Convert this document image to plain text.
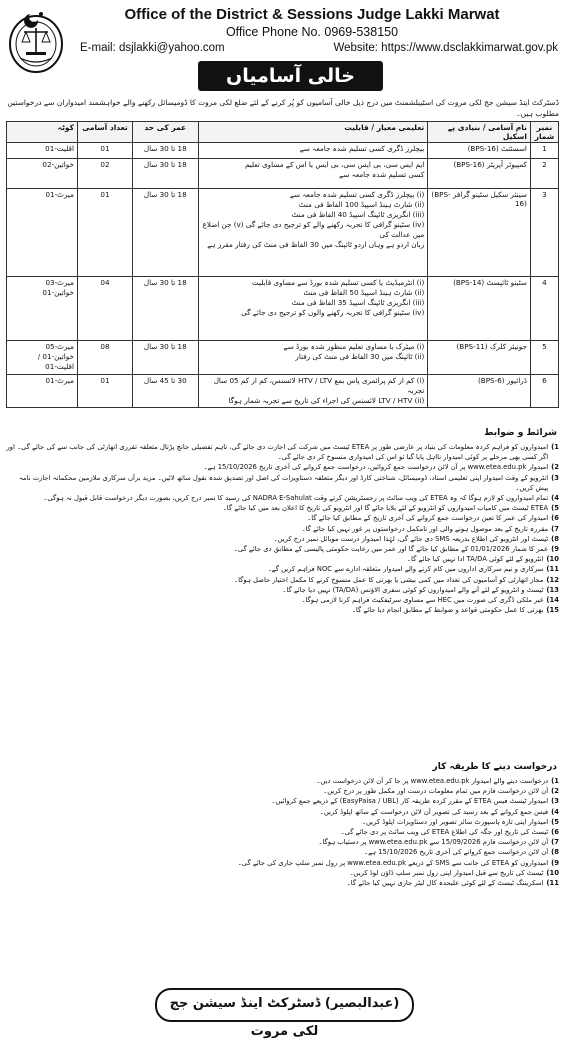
Office of the District & Sessions Judge Lakki Marwat
Office Phone No. 0969-538150
E-mail: dsjlakki@yahoo.com	Website: https://www.dsclakkimarwat.gov.pk
خالی آسامیاں
ڈسٹرکٹ اینڈ سیشن جج لکی مروت کی اسٹیبلشمنٹ میں درج ذیل خالی آسامیوں کو پُر کرنے کے لئے ضلع لکی مروت کا ڈومیسائل رکھنے والے خواہشمند امیدواران سے درخواستیں مطلوب ہیں۔
نمبر شمار	نام آسامی / بنیادی پے اسکیل	تعلیمی معیار / قابلیت	عمر کی حد	تعداد آسامی	کوٹہ
1	اسسٹنٹ (BPS-16)	بیچلرز ڈگری کسی تسلیم شدہ جامعہ سے	18 تا 30 سال	01	اقلیت-01

2	کمپیوٹر آپریٹر (BPS-16)	ایم ایس سی، بی ایس سی، بی ایس یا اس کے مساوی تعلیم
کسی تسلیم شدہ جامعہ سے	18 تا 30 سال	02	خواتین-02

3	سینئر سکیل سٹینو گرافر (BPS-16)	(i) بیچلرز ڈگری کسی تسلیم شدہ جامعہ سے
(ii) شارٹ ہینڈ اسپیڈ 100 الفاظ فی منٹ
(iii) انگریزی ٹائپنگ اسپیڈ 40 الفاظ فی منٹ
(iv) سٹینو گرافی کا تجربہ رکھنے والے کو ترجیح دی جائے گی (v) جن اضلاع میں عدالت کی
زبان اردو ہے وہاں اردو ٹائپنگ میں 30 الفاظ فی منٹ کی رفتار مقرر ہے	18 تا 30 سال	01	میرٹ-01

4	سٹینو ٹائپسٹ (BPS-14)	(i) انٹرمیڈیٹ یا کسی تسلیم شدہ بورڈ سے مساوی قابلیت
(ii) شارٹ ہینڈ اسپیڈ 50 الفاظ فی منٹ
(iii) انگریزی ٹائپنگ اسپیڈ 35 الفاظ فی منٹ
(iv) سٹینو گرافی کا تجربہ رکھنے والوں کو ترجیح دی جائے گی	18 تا 30 سال	04	میرٹ-03
خواتین-01

5	جونیئر کلرک (BPS-11)	(i) میٹرک یا مساوی تعلیم منظور شدہ بورڈ سے
(ii) ٹائپنگ میں 30 الفاظ فی منٹ کی رفتار	18 تا 30 سال	08	میرٹ-05
خواتین-01 / اقلیت-01

6	ڈرائیور (BPS-6)	(i) کم از کم پرائمری پاس بمع HTV / LTV لائسنس، کم از کم 05 سال تجربہ
(ii) LTV / HTV لائسنس کی اجراء کی تاریخ سے تجربہ شمار ہوگا	30 تا 45 سال	01	میرٹ-01
شرائط و ضوابط
1)
امیدواروں کو فراہم کردہ معلومات کی بنیاد پر عارضی طور پر ETEA ٹیسٹ میں شرکت کی اجازت دی جائے گی، تاہم تفصیلی جانچ پڑتال متعلقہ تقرری اتھارٹی کی جانب سے کی جائے گی۔ اور اگر کسی بھی مرحلے پر کوئی امیدوار نااہل پایا گیا تو اس کی امیدواری منسوخ کر دی جائے گی۔
2)
امیدوار www.etea.edu.pk پر آن لائن درخواست جمع کروائیں، درخواست جمع کروانے کی آخری تاریخ 15/10/2026 ہے۔
3)
انٹرویو کے وقت امیدوار اپنی تعلیمی اسناد، ڈومیسائل، شناختی کارڈ اور دیگر متعلقہ دستاویزات کی اصل اور تصدیق شدہ نقول ساتھ لائیں۔ مزید برآں سرکاری ملازمین محکمانہ اجازت نامہ پیش کریں۔
4)
تمام امیدواروں کو لازم ہوگا کہ وہ ETEA کی ویب سائٹ پر رجسٹریشن کرتے وقت NADRA E-Sahulat کی رسید کا نمبر درج کریں، بصورت دیگر درخواست قابل قبول نہ ہوگی۔
5)
ETEA ٹیسٹ میں کامیاب امیدواروں کو انٹرویو کے لئے بلایا جائے گا اور انٹرویو کی تاریخ کا اعلان بعد میں کیا جائے گا۔
6)
امیدوار کی عمر کا تعین درخواست جمع کروانے کی آخری تاریخ کے مطابق کیا جائے گا۔
7)
مقررہ تاریخ کے بعد موصول ہونے والی اور نامکمل درخواستوں پر غور نہیں کیا جائے گا۔
8)
ٹیسٹ اور انٹرویو کی اطلاع بذریعہ SMS دی جائے گی، لہٰذا امیدوار درست موبائل نمبر درج کریں۔
9)
عمر کا شمار 01/01/2026 کے مطابق کیا جائے گا اور عمر میں رعایت حکومتی پالیسی کے مطابق دی جائے گی۔
10)
انٹرویو کے لئے کوئی TA/DA ادا نہیں کیا جائے گا۔
11)
سرکاری و نیم سرکاری اداروں میں کام کرنے والے امیدوار متعلقہ ادارے سے NOC فراہم کریں گے۔
12)
مجاز اتھارٹی کو آسامیوں کی تعداد میں کمی بیشی یا بھرتی کا عمل منسوخ کرنے کا مکمل اختیار حاصل ہوگا۔
13)
ٹیسٹ و انٹرویو کے لئے آنے والے امیدواروں کو کوئی سفری الاؤنس (TA/DA) نہیں دیا جائے گا۔
14)
غیر ملکی ڈگری کی صورت میں HEC سے مساوی سرٹیفکیٹ فراہم کرنا لازمی ہوگا۔
15)
بھرتی کا عمل حکومتی قواعد و ضوابط کے مطابق انجام دیا جائے گا۔
درخواست دینے کا طریقہ کار
1)
درخواست دینے والے امیدوار www.etea.edu.pk پر جا کر آن لائن درخواست دیں۔
2)
آن لائن درخواست فارم میں تمام معلومات درست اور مکمل طور پر درج کریں۔
3)
امیدوار ٹیسٹ فیس ETEA کے مقرر کردہ طریقہ کار (EasyPaisa / UBL) کے ذریعے جمع کروائیں۔
4)
فیس جمع کروانے کے بعد رسید کی تصویر آن لائن درخواست کے ساتھ اپلوڈ کریں۔
5)
امیدوار اپنی تازہ پاسپورٹ سائز تصویر اور دستاویزات اپلوڈ کریں۔
6)
ٹیسٹ کی تاریخ اور جگہ کی اطلاع ETEA کی ویب سائٹ پر دی جائے گی۔
7)
آن لائن درخواست فارم 15/09/2026 سے www.etea.edu.pk پر دستیاب ہوگا۔
8)
آن لائن درخواست جمع کروانے کی آخری تاریخ 15/10/2026 ہے۔
9)
امیدواروں کو ETEA کی جانب سے SMS کے ذریعے www.etea.edu.pk پر رول نمبر سلپ جاری کی جائے گی۔
10)
ٹیسٹ کی تاریخ سے قبل امیدوار اپنی رول نمبر سلپ ڈاؤن لوڈ کریں۔
11)
اسکریننگ ٹیسٹ کے لئے کوئی علیحدہ کال لیٹر جاری نہیں کیا جائے گا۔
(عبدالبصیر) ڈسٹرکٹ اینڈ سیشن جج لکی مروت
